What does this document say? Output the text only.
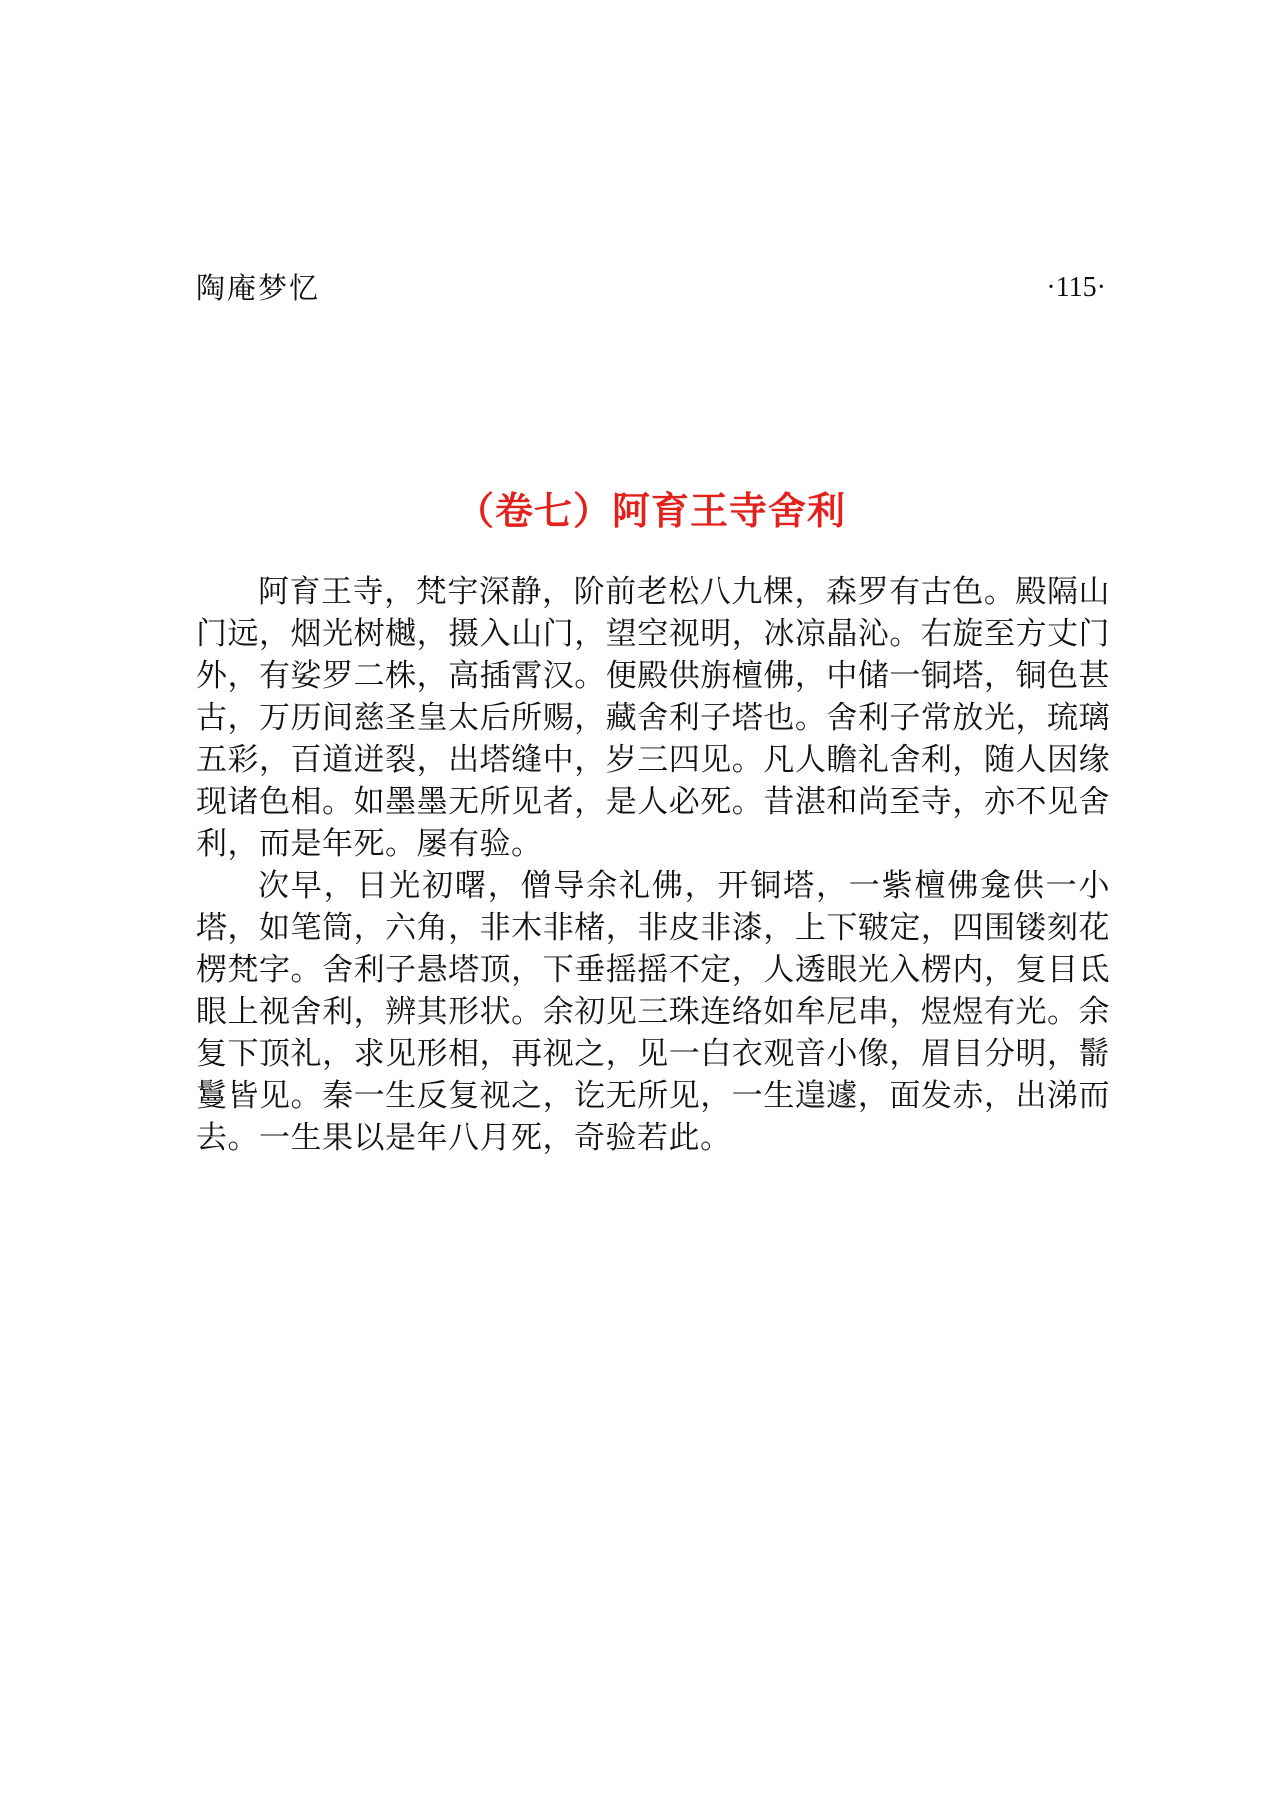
陶庵梦忆	·115·
（卷七）阿育王寺舍利

阿育王寺，梵宇深静，阶前老松八九棵，森罗有古色。殿隔山门远，烟光树樾，摄入山门，望空视明，冰凉晶沁。右旋至方丈门外，有娑罗二株，高插霄汉。便殿供旃檀佛，中储一铜塔，铜色甚古，万历间慈圣皇太后所赐，藏舍利子塔也。舍利子常放光，琉璃五彩，百道迸裂，出塔缝中，岁三四见。凡人瞻礼舍利，随人因缘现诸色相。如墨墨无所见者，是人必死。昔湛和尚至寺，亦不见舍利，而是年死。屡有验。

次早，日光初曙，僧导余礼佛，开铜塔，一紫檀佛龛供一小塔，如笔筒，六角，非木非楮，非皮非漆，上下皲定，四围镂刻花楞梵字。舍利子悬塔顶，下垂摇摇不定，人透眼光入楞内，复目氐眼上视舍利，辨其形状。余初见三珠连络如牟尼串，煜煜有光。余复下顶礼，求见形相，再视之，见一白衣观音小像，眉目分明，鬋鬘皆见。秦一生反复视之，讫无所见，一生遑遽，面发赤，出涕而去。一生果以是年八月死，奇验若此。
